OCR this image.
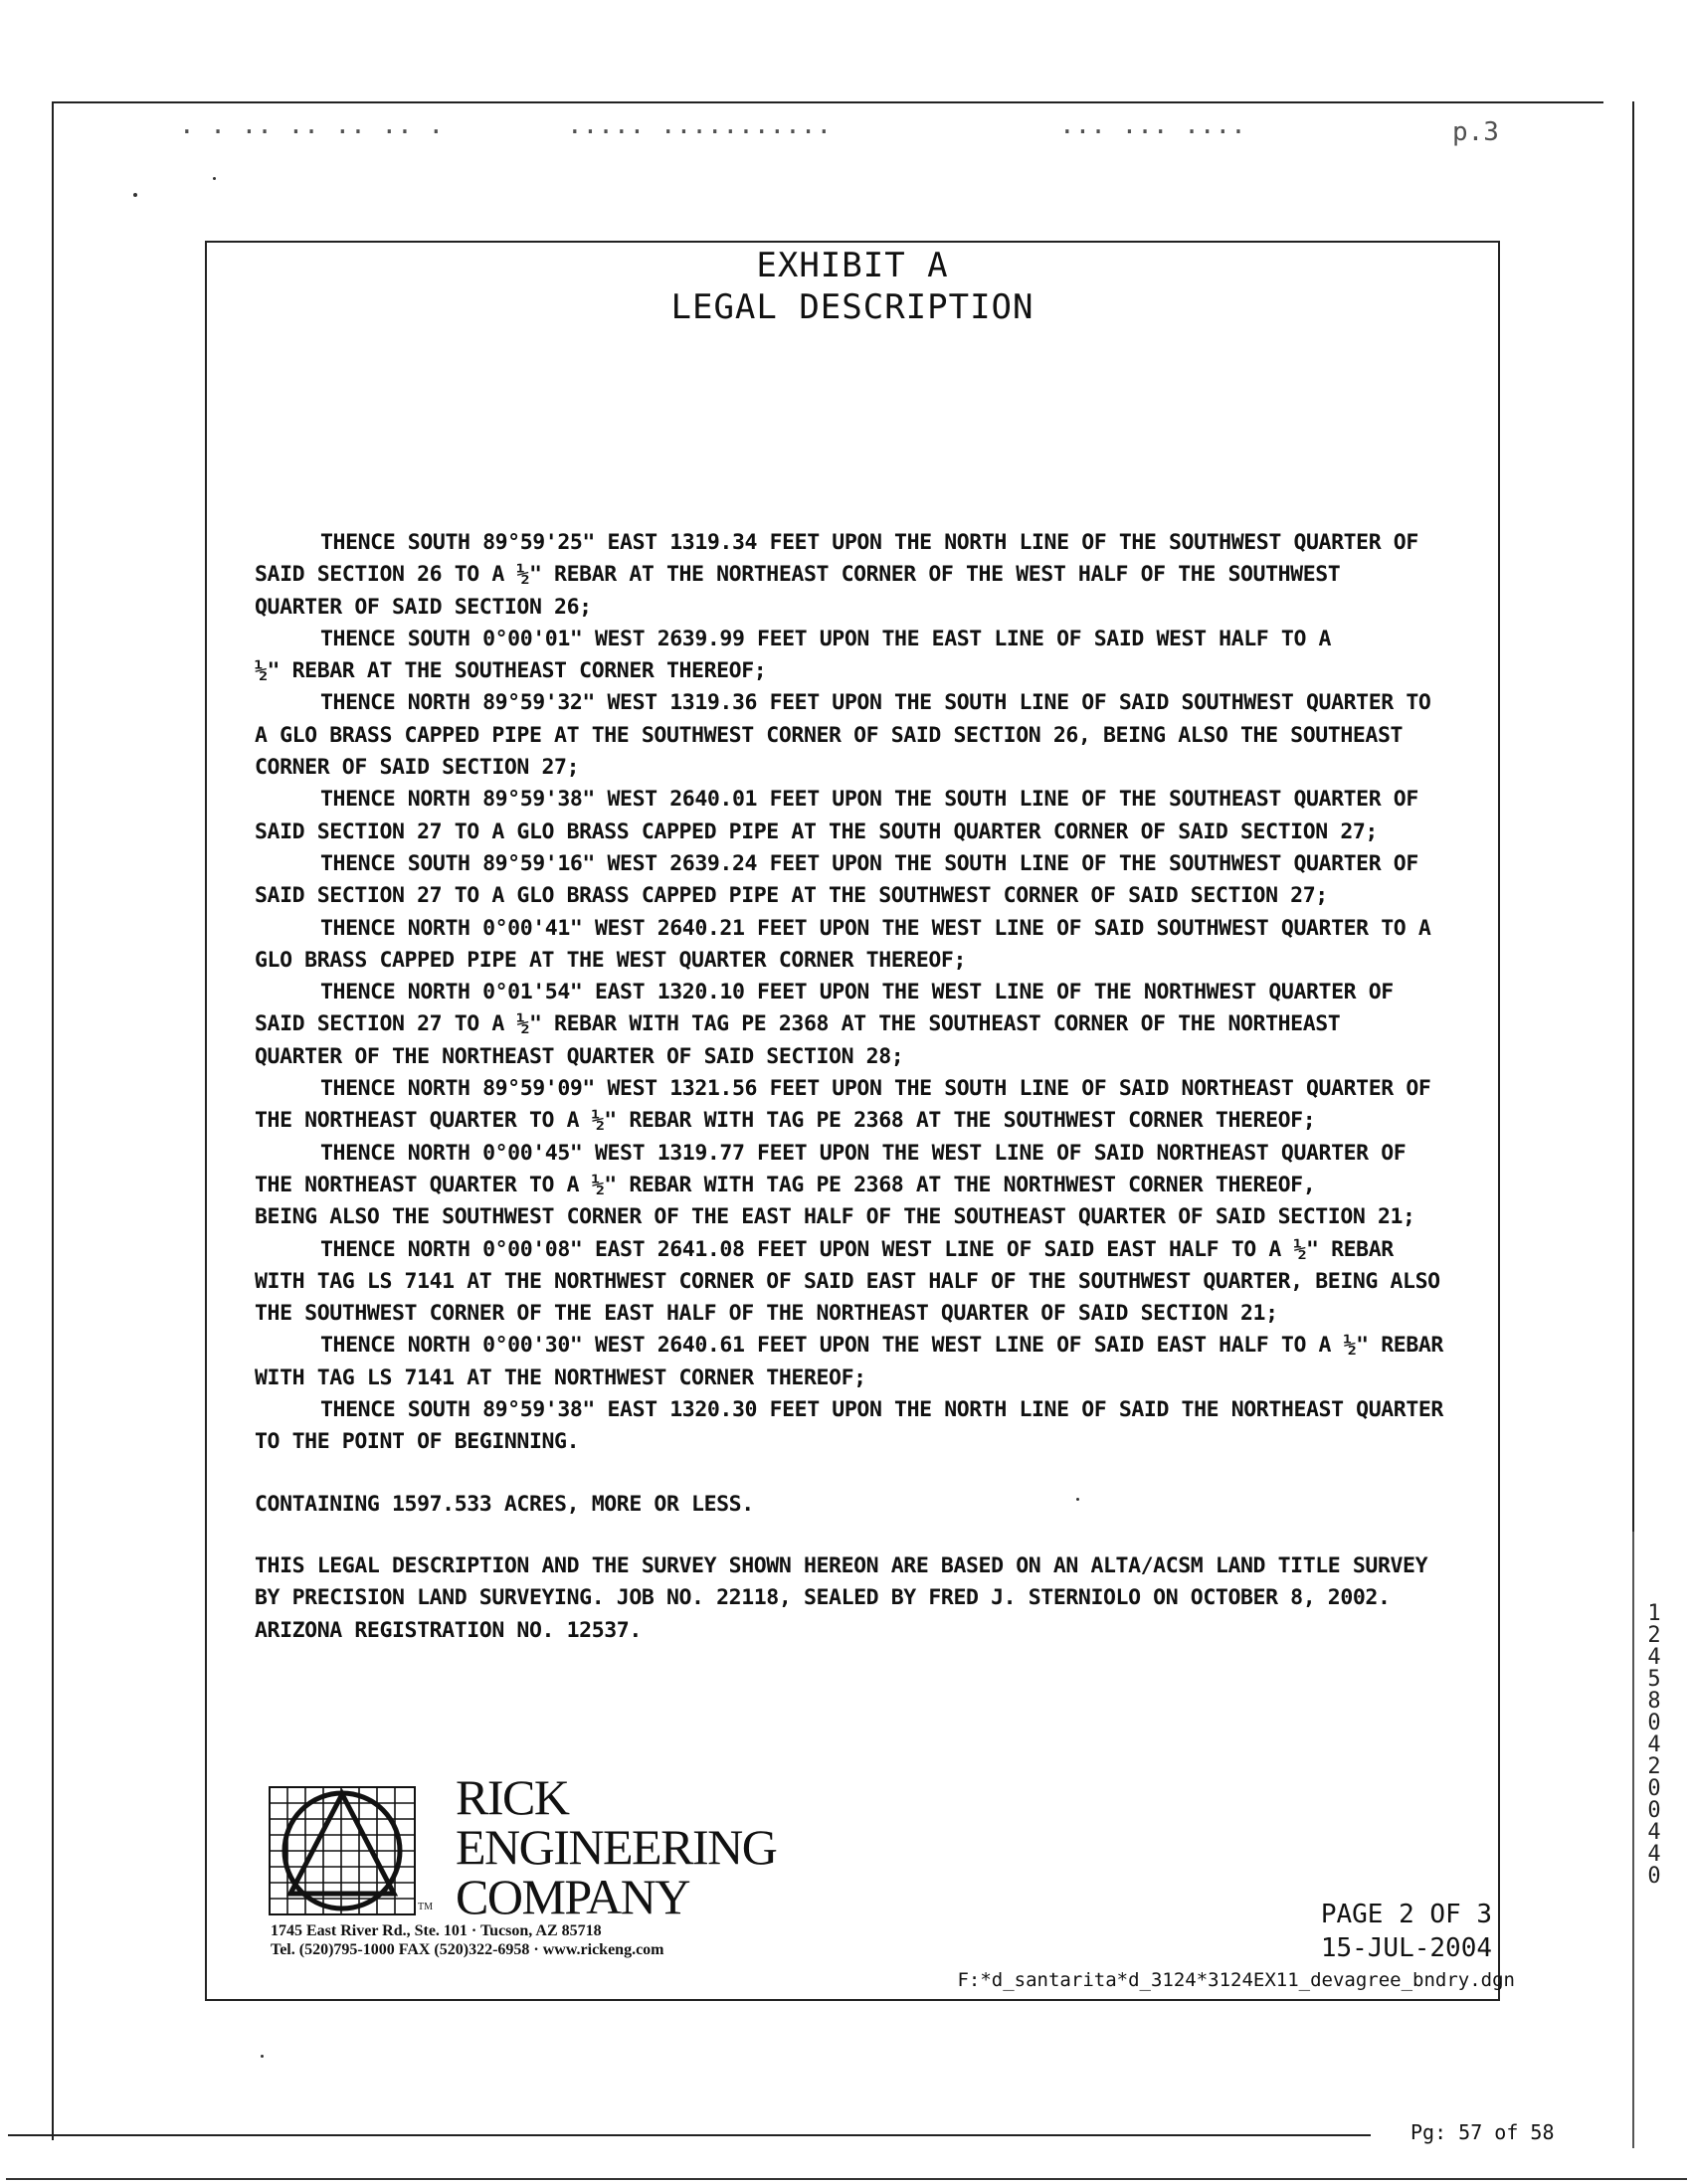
· · ·· ·· ·· ·· ·	····· ···········	··· ··· ····	p.3
EXHIBIT A
LEGAL DESCRIPTION

THENCE SOUTH 89°59'25" EAST 1319.34 FEET UPON THE NORTH LINE OF THE SOUTHWEST QUARTER OF

SAID SECTION 26 TO A ½" REBAR AT THE NORTHEAST CORNER OF THE WEST HALF OF THE SOUTHWEST

QUARTER OF SAID SECTION 26;

THENCE SOUTH 0°00'01" WEST 2639.99 FEET UPON THE EAST LINE OF SAID WEST HALF TO A

½" REBAR AT THE SOUTHEAST CORNER THEREOF;

THENCE NORTH 89°59'32" WEST 1319.36 FEET UPON THE SOUTH LINE OF SAID SOUTHWEST QUARTER TO

A GLO BRASS CAPPED PIPE AT THE SOUTHWEST CORNER OF SAID SECTION 26, BEING ALSO THE SOUTHEAST

CORNER OF SAID SECTION 27;

THENCE NORTH 89°59'38" WEST 2640.01 FEET UPON THE SOUTH LINE OF THE SOUTHEAST QUARTER OF

SAID SECTION 27 TO A GLO BRASS CAPPED PIPE AT THE SOUTH QUARTER CORNER OF SAID SECTION 27;

THENCE SOUTH 89°59'16" WEST 2639.24 FEET UPON THE SOUTH LINE OF THE SOUTHWEST QUARTER OF

SAID SECTION 27 TO A GLO BRASS CAPPED PIPE AT THE SOUTHWEST CORNER OF SAID SECTION 27;

THENCE NORTH 0°00'41" WEST 2640.21 FEET UPON THE WEST LINE OF SAID SOUTHWEST QUARTER TO A

GLO BRASS CAPPED PIPE AT THE WEST QUARTER CORNER THEREOF;

THENCE NORTH 0°01'54" EAST 1320.10 FEET UPON THE WEST LINE OF THE NORTHWEST QUARTER OF

SAID SECTION 27 TO A ½" REBAR WITH TAG PE 2368 AT THE SOUTHEAST CORNER OF THE NORTHEAST

QUARTER OF THE NORTHEAST QUARTER OF SAID SECTION 28;

THENCE NORTH 89°59'09" WEST 1321.56 FEET UPON THE SOUTH LINE OF SAID NORTHEAST QUARTER OF

THE NORTHEAST QUARTER TO A ½" REBAR WITH TAG PE 2368 AT THE SOUTHWEST CORNER THEREOF;

THENCE NORTH 0°00'45" WEST 1319.77 FEET UPON THE WEST LINE OF SAID NORTHEAST QUARTER OF

THE NORTHEAST QUARTER TO A ½" REBAR WITH TAG PE 2368 AT THE NORTHWEST CORNER THEREOF,

BEING ALSO THE SOUTHWEST CORNER OF THE EAST HALF OF THE SOUTHEAST QUARTER OF SAID SECTION 21;

THENCE NORTH 0°00'08" EAST 2641.08 FEET UPON WEST LINE OF SAID EAST HALF TO A ½" REBAR

WITH TAG LS 7141 AT THE NORTHWEST CORNER OF SAID EAST HALF OF THE SOUTHWEST QUARTER, BEING ALSO

THE SOUTHWEST CORNER OF THE EAST HALF OF THE NORTHEAST QUARTER OF SAID SECTION 21;

THENCE NORTH 0°00'30" WEST 2640.61 FEET UPON THE WEST LINE OF SAID EAST HALF TO A ½" REBAR

WITH TAG LS 7141 AT THE NORTHWEST CORNER THEREOF;

THENCE SOUTH 89°59'38" EAST 1320.30 FEET UPON THE NORTH LINE OF SAID THE NORTHEAST QUARTER

TO THE POINT OF BEGINNING.

CONTAINING 1597.533 ACRES, MORE OR LESS.

THIS LEGAL DESCRIPTION AND THE SURVEY SHOWN HEREON ARE BASED ON AN ALTA/ACSM LAND TITLE SURVEY

BY PRECISION LAND SURVEYING. JOB NO. 22118, SEALED BY FRED J. STERNIOLO ON OCTOBER 8, 2002.

ARIZONA REGISTRATION NO. 12537.

TM
RICK
ENGINEERING
COMPANY
1745 East River Rd., Ste. 101 · Tucson, AZ 85718
Tel. (520)795-1000 FAX (520)322-6958 · www.rickeng.com
PAGE 2 OF 3
15-JUL-2004
F:*d_santarita*d_3124*3124EX11_devagree_bndry.dgn
12458 0420 0440
Pg: 57 of 58
